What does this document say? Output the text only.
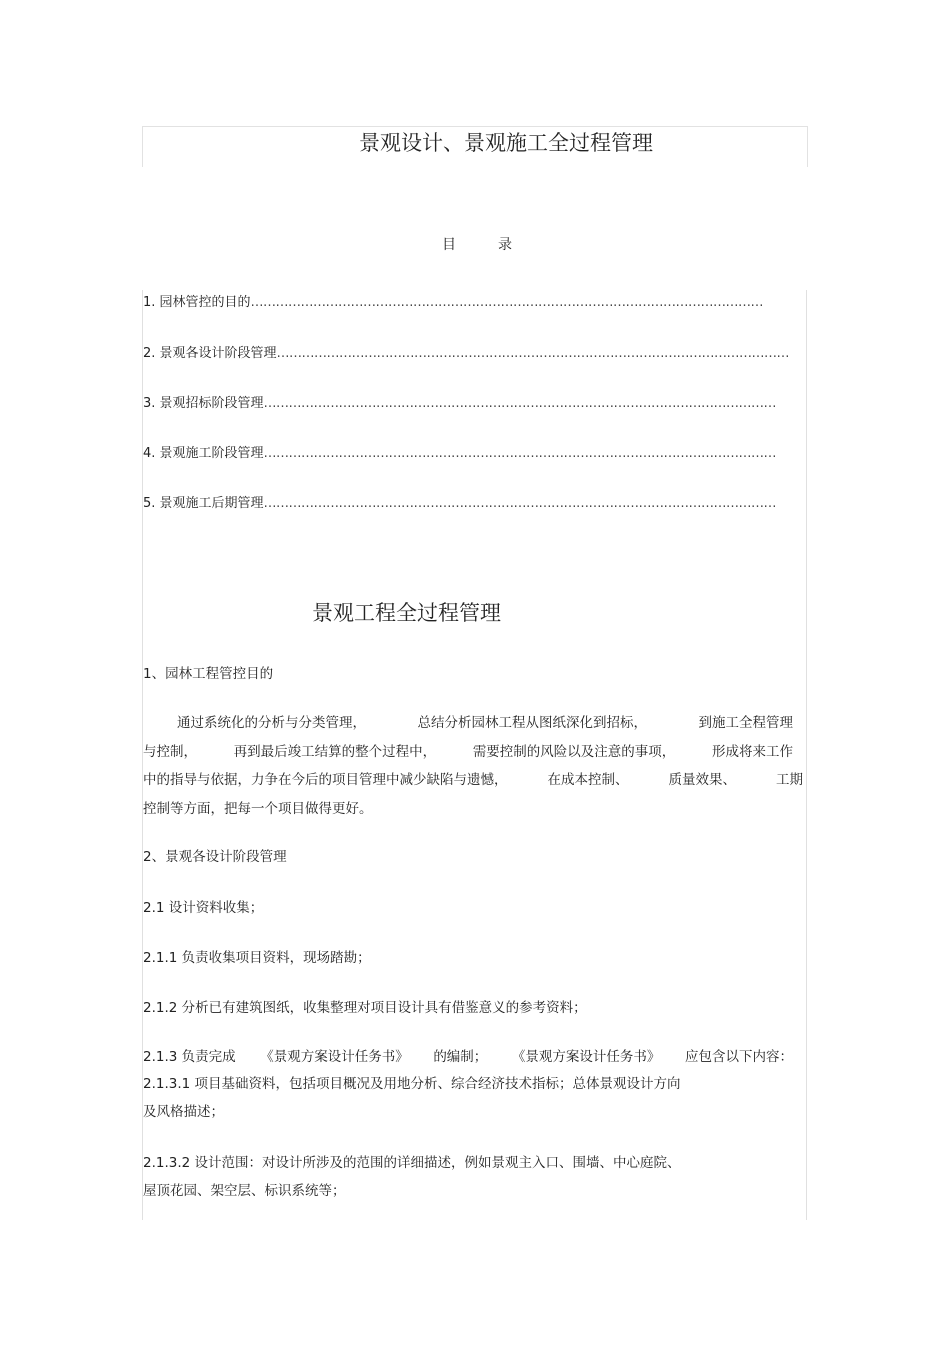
景观设计、景观施工全过程管理
目	录
1. 园林管控的目的 ……………………………………………………………………………………………………………
2. 景观各设计阶段管理 ……………………………………………………………………………………………………………
3. 景观招标阶段管理 ……………………………………………………………………………………………………………
4. 景观施工阶段管理 ……………………………………………………………………………………………………………
5. 景观施工后期管理 ……………………………………………………………………………………………………………
景观工程全过程管理
1、园林工程管控目的
通过系统化的分析与分类管理，	总结分析园林工程从图纸深化到招标，	到施工全程管理
与控制，	再到最后竣工结算的整个过程中，	需要控制的风险以及注意的事项，	形成将来工作
中的指导与依据，力争在今后的项目管理中减少缺陷与遗憾，	在成本控制、	质量效果、	工期
控制等方面，把每一个项目做得更好。
2、景观各设计阶段管理
2.1 设计资料收集；
2.1.1 负责收集项目资料，现场踏勘；
2.1.2 分析已有建筑图纸，收集整理对项目设计具有借鉴意义的参考资料；
2.1.3 负责完成 《景观方案设计任务书》 的编制； 《景观方案设计任务书》 应包含以下内容：
2.1.3.1 项目基础资料，包括项目概况及用地分析、综合经济技术指标；总体景观设计方向
及风格描述；
2.1.3.2 设计范围：对设计所涉及的范围的详细描述，例如景观主入口、围墙、中心庭院、
屋顶花园、架空层、标识系统等；
